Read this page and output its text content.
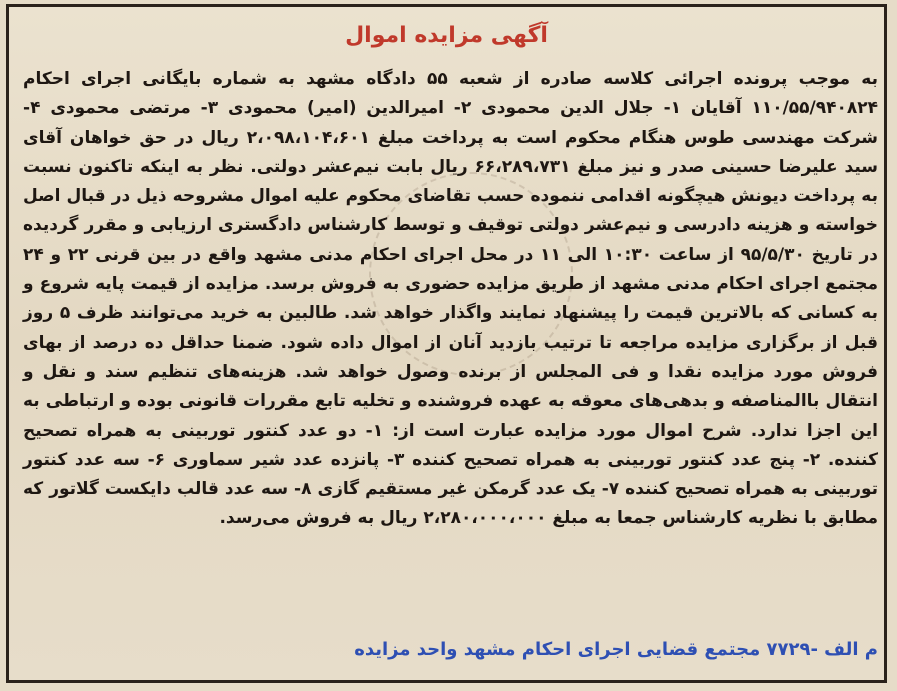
آگهی مزایده اموال

به موجب پرونده اجرائی کلاسه صادره از شعبه ۵۵ دادگاه مشهد به شماره بایگانی اجرای احکام ۱۱۰/۵۵/۹۴۰۸۲۴ آقایان ۱- جلال الدین محمودی ۲- امیرالدین (امیر) محمودی ۳- مرتضی محمودی ۴- شرکت مهندسی طوس هنگام محکوم است به پرداخت مبلغ ۲،۰۹۸،۱۰۴،۶۰۱ ریال در حق خواهان آقای سید علیرضا حسینی صدر و نیز مبلغ ۶۶،۲۸۹،۷۳۱ ریال بابت نیم‌عشر دولتی. نظر به اینکه تاکنون نسبت به پرداخت دیونش هیچگونه اقدامی ننموده حسب تقاضای محکوم علیه اموال مشروحه ذیل در قبال اصل خواسته و هزینه دادرسی و نیم‌عشر دولتی توقیف و توسط کارشناس دادگستری ارزیابی و مقرر گردیده در تاریخ ۹۵/۵/۳۰ از ساعت ۱۰:۳۰ الی ۱۱ در محل اجرای احکام مدنی مشهد واقع در بین قرنی ۲۲ و ۲۴ مجتمع اجرای احکام مدنی مشهد از طریق مزایده حضوری به فروش برسد. مزایده از قیمت پایه شروع و به کسانی که بالاترین قیمت را پیشنهاد نمایند واگذار خواهد شد. طالبین به خرید می‌توانند ظرف ۵ روز قبل از برگزاری مزایده مراجعه تا ترتیب بازدید آنان از اموال داده شود. ضمنا حداقل ده درصد از بهای فروش مورد مزایده نقدا و فی المجلس از برنده وصول خواهد شد. هزینه‌های تنظیم سند و نقل و انتقال باالمناصفه و بدهی‌های معوقه به عهده فروشنده و تخلیه تابع مقررات قانونی بوده و ارتباطی به این اجزا ندارد. شرح اموال مورد مزایده عبارت است از: ۱- دو عدد کنتور توربینی به همراه تصحیح کننده. ۲- پنج عدد کنتور توربینی به همراه تصحیح کننده ۳- پانزده عدد شیر سماوری ۶- سه عدد کنتور توربینی به همراه تصحیح کننده ۷- یک عدد گرمکن غیر مستقیم گازی ۸- سه عدد قالب دایکست گلاتور که مطابق با نظریه کارشناس جمعا به مبلغ ۲،۲۸۰،۰۰۰،۰۰۰ ریال به فروش می‌رسد.

م الف -۷۷۲۹ مجتمع قضایی اجرای احکام مشهد واحد مزایده
